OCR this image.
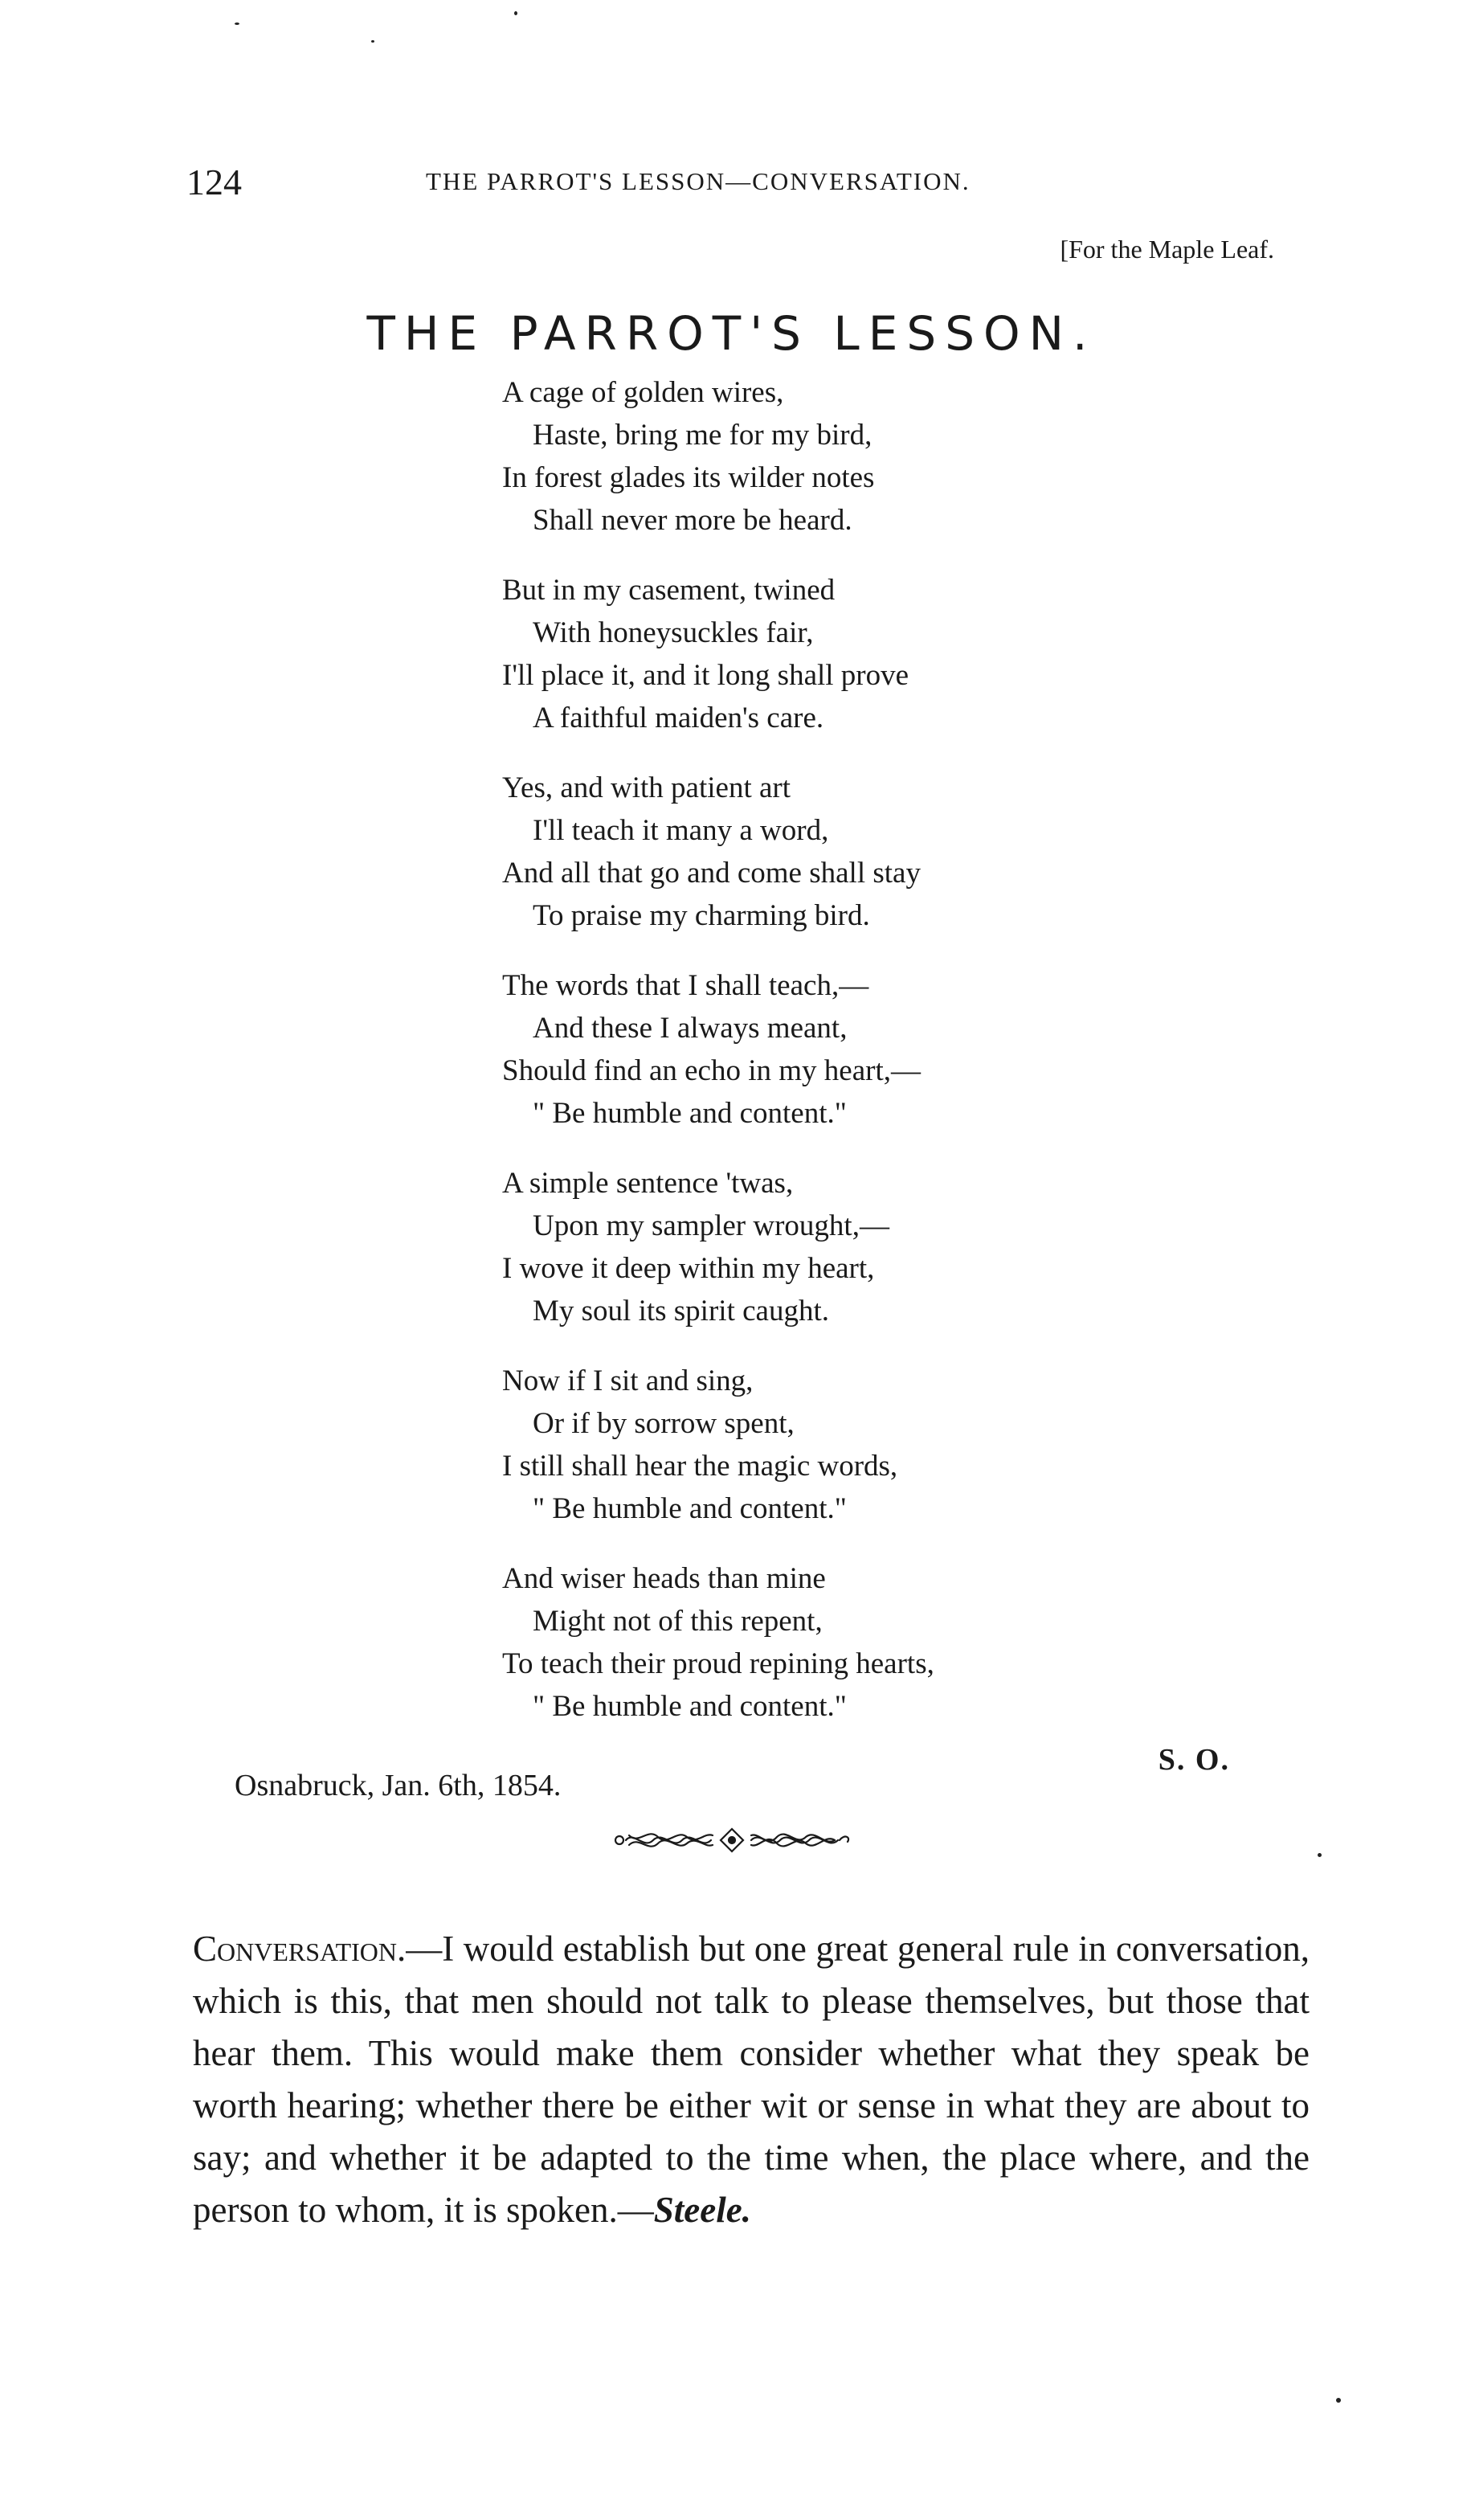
124	THE PARROT'S LESSON—CONVERSATION.
[For the Maple Leaf.
THE PARROT'S LESSON.
A cage of golden wires,
Haste, bring me for my bird,
In forest glades its wilder notes
Shall never more be heard.
But in my casement, twined
With honeysuckles fair,
I'll place it, and it long shall prove
A faithful maiden's care.
Yes, and with patient art
I'll teach it many a word,
And all that go and come shall stay
To praise my charming bird.
The words that I shall teach,—
And these I always meant,
Should find an echo in my heart,—
" Be humble and content."
A simple sentence 'twas,
Upon my sampler wrought,—
I wove it deep within my heart,
My soul its spirit caught.
Now if I sit and sing,
Or if by sorrow spent,
I still shall hear the magic words,
" Be humble and content."
And wiser heads than mine
Might not of this repent,
To teach their proud repining hearts,
" Be humble and content."
S. O.
Osnabruck, Jan. 6th, 1854.

Conversation.—I would establish but one great general rule in conversation, which is this, that men should not talk to please themselves, but those that hear them. This would make them consider whether what they speak be worth hearing; whether there be either wit or sense in what they are about to say; and whether it be adapted to the time when, the place where, and the person to whom, it is spoken.—Steele.
